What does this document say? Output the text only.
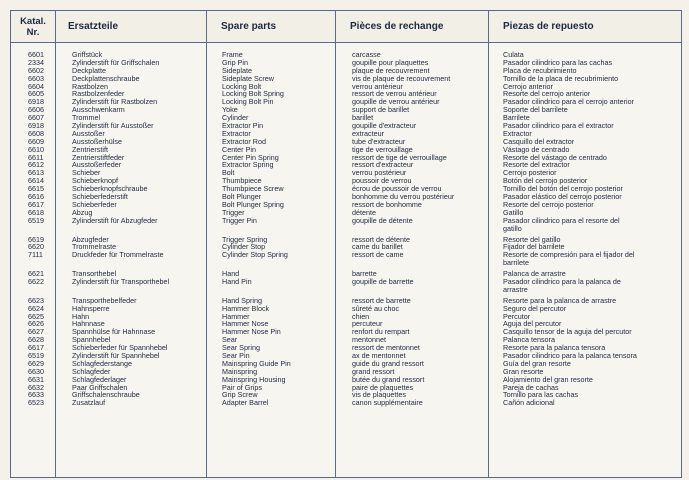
Katal.
Nr.	Ersatzteile	Spare parts	Pièces de rechange	Piezas de repuesto
6601	Griffstück	Frame	carcasse	Culata
2334	Zylinderstift für Griffschalen	Grip Pin	goupille pour plaquettes	Pasador cilindrico para las cachas
6602	Deckplatte	Sideplate	plaque de recouvrement	Placa de recubrimiento
6603	Deckplattenschraube	Sideplate Screw	vis de plaque de recouvrement	Tornillo de la placa de recubrimiento
6604	Rastbolzen	Locking Bolt	verrou antérieur	Cerrojo anterior
6605	Rastbolzenfeder	Locking Bolt Spring	ressort de verrou antérieur	Resorte del cerrojo anterior
6918	Zylinderstift für Rastbolzen	Locking Bolt Pin	goupille de verrou antérieur	Pasador cilindrico para el cerrojo anterior
6606	Ausschwenkarm	Yoke	support de barillet	Soporte del barrilete
6607	Trommel	Cylinder	barillet	Barrilete
6918	Zylinderstift für Ausstoßer	Extractor Pin	goupille d'extracteur	Pasador cilindrico para el extractor
6608	Ausstoßer	Extractor	extracteur	Extractor
6609	Ausstoßerhülse	Extractor Rod	tube d'extracteur	Casquillo del extractor
6610	Zentrierstift	Center Pin	tige de verrouillage	Vástago de centrado
6611	Zentrierstiftfeder	Center Pin Spring	ressort de tige de verrouillage	Resorte del vástago de centrado
6612	Ausstoßerfeder	Extractor Spring	ressort d'extracteur	Resorte del extractor
6613	Schieber	Bolt	verrou postérieur	Cerrojo posterior
6614	Schieberknopf	Thumbpiece	poussoir de verrou	Botón del cerrojo posterior
6615	Schieberknopfschraube	Thumbpiece Screw	écrou de poussoir de verrou	Tornillo del botón del cerrojo posterior
6616	Schieberfederstift	Bolt Plunger	bonhomme du verrou postérieur	Pasador elástico del cerrojo posterior
6617	Schieberfeder	Bolt Plunger Spring	ressort de bonhomme	Resorte del cerrojo posterior
6618	Abzug	Trigger	détente	Gatillo
6519	Zylinderstift für Abzugfeder	Trigger Pin	goupille de détente	Pasador cilindrico para el resorte del
gatillo
6619	Abzugfeder	Trigger Spring	ressort de détente	Resorte del gatillo
6620	Trommelraste	Cylinder Stop	came du barillet	Fijador del barrilete
7111	Druckfeder für Trommelraste	Cylinder Stop Spring	ressort de came	Resorte de compresión para el fijador del
barrilete
6621	Transorthebel	Hand	barrette	Palanca de arrastre
6622	Zylinderstift für Transporthebel	Hand Pin	goupille de barrette	Pasador cilindrico para la palanca de
arrastre
6623	Transporthebelfeder	Hand Spring	ressort de barrette	Resorte para la palanca de arrastre
6624	Hahnsperre	Hammer Block	sûreté au choc	Seguro del percutor
6625	Hahn	Hammer	chien	Percutor
6626	Hahnnase	Hammer Nose	percuteur	Aguja del percutor
6627	Spannhülse für Hahnnase	Hammer Nose Pin	renfort du rempart	Casquillo tensor de la aguja del percutor
6628	Spannhebel	Sear	mentonnet	Palanca tensora
6617	Schieberfeder für Spannhebel	Sear Spring	ressort de mentonnet	Resorte para la palanca tensora
6519	Zylinderstift für Spannhebel	Sear Pin	ax de mentonnet	Pasador cilindrico para la palanca tensora
6629	Schlagfederstange	Mainspring Guide Pin	guide du grand ressort	Guía del gran resorte
6630	Schlagfeder	Mainspring	grand ressort	Gran resorte
6631	Schlagfederlager	Mainspring Housing	butée du grand ressort	Alojamiento del gran resorte
6632	Paar Griffschalen	Pair of Grips	paire de plaquettes	Pareja de cachas
6633	Griffschalenschraube	Grip Screw	vis de plaquettes	Tornillo para las cachas
6523	Zusatzlauf	Adapter Barrel	canon supplémentaire	Cañón adicional
